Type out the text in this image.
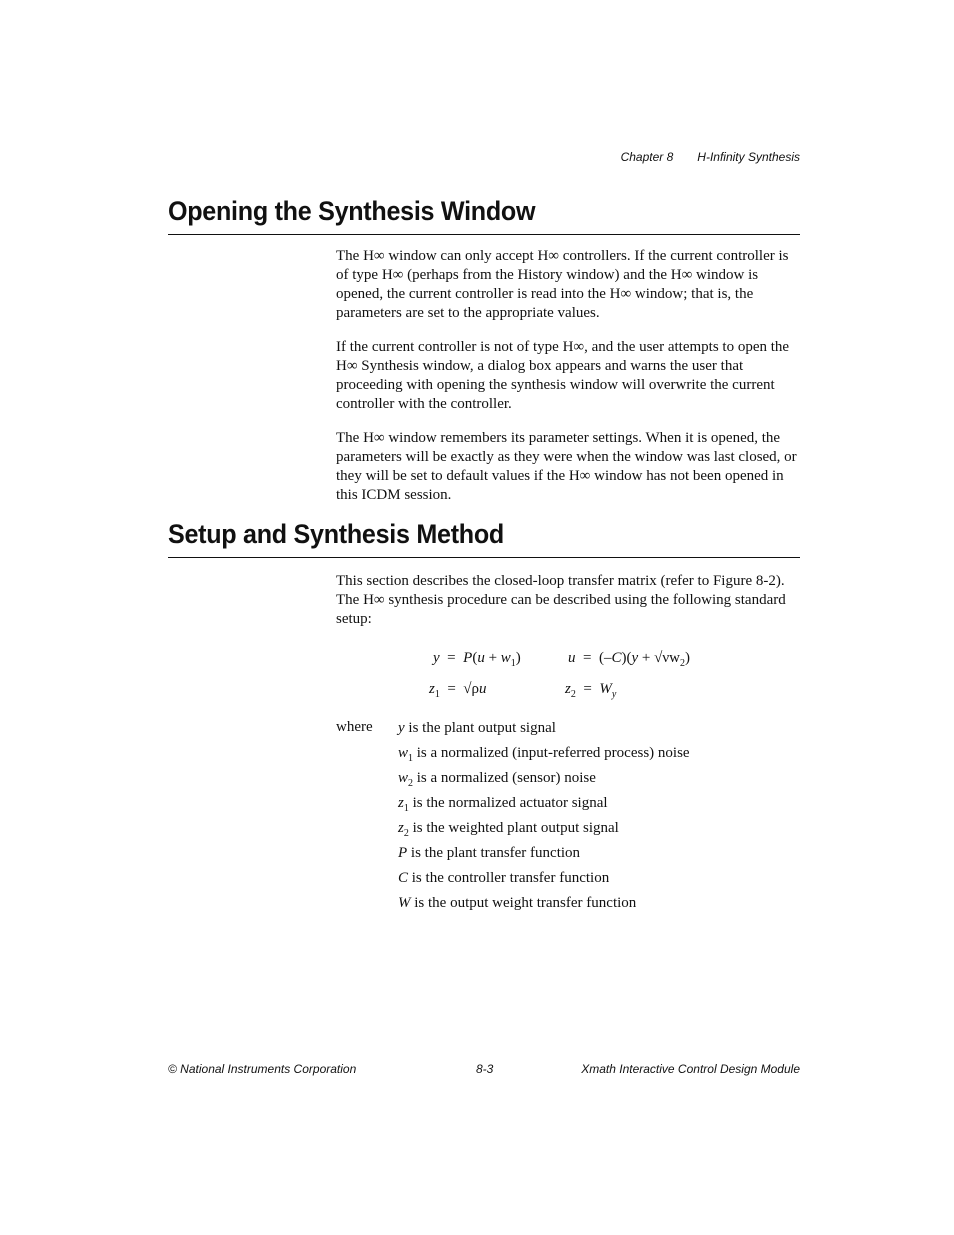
Chapter 8 H-Infinity Synthesis
Opening the Synthesis Window

The H∞ window can only accept H∞ controllers. If the current controller is of type H∞ (perhaps from the History window) and the H∞ window is opened, the current controller is read into the H∞ window; that is, the parameters are set to the appropriate values.

If the current controller is not of type H∞, and the user attempts to open the H∞ Synthesis window, a dialog box appears and warns the user that proceeding with opening the synthesis window will overwrite the current controller with the controller.

The H∞ window remembers its parameter settings. When it is opened, the parameters will be exactly as they were when the window was last closed, or they will be set to default values if the H∞ window has not been opened in this ICDM session.

Setup and Synthesis Method

This section describes the closed-loop transfer matrix (refer to Figure 8-2). The H∞ synthesis procedure can be described using the following standard setup:

$y = P(u + w_1)$	$u = (-C)(y + √\nu w_2)$
$z_1 = √\rho u$	$z_2 = W_y$
where y is the plant output signal
$w_1$ is a normalized (input-referred process) noise
$w_2$ is a normalized (sensor) noise
$z_1$ is the normalized actuator signal
$z_2$ is the weighted plant output signal
P is the plant transfer function
C is the controller transfer function
W is the output weight transfer function
© National Instruments Corporation	8-3	Xmath Interactive Control Design Module
